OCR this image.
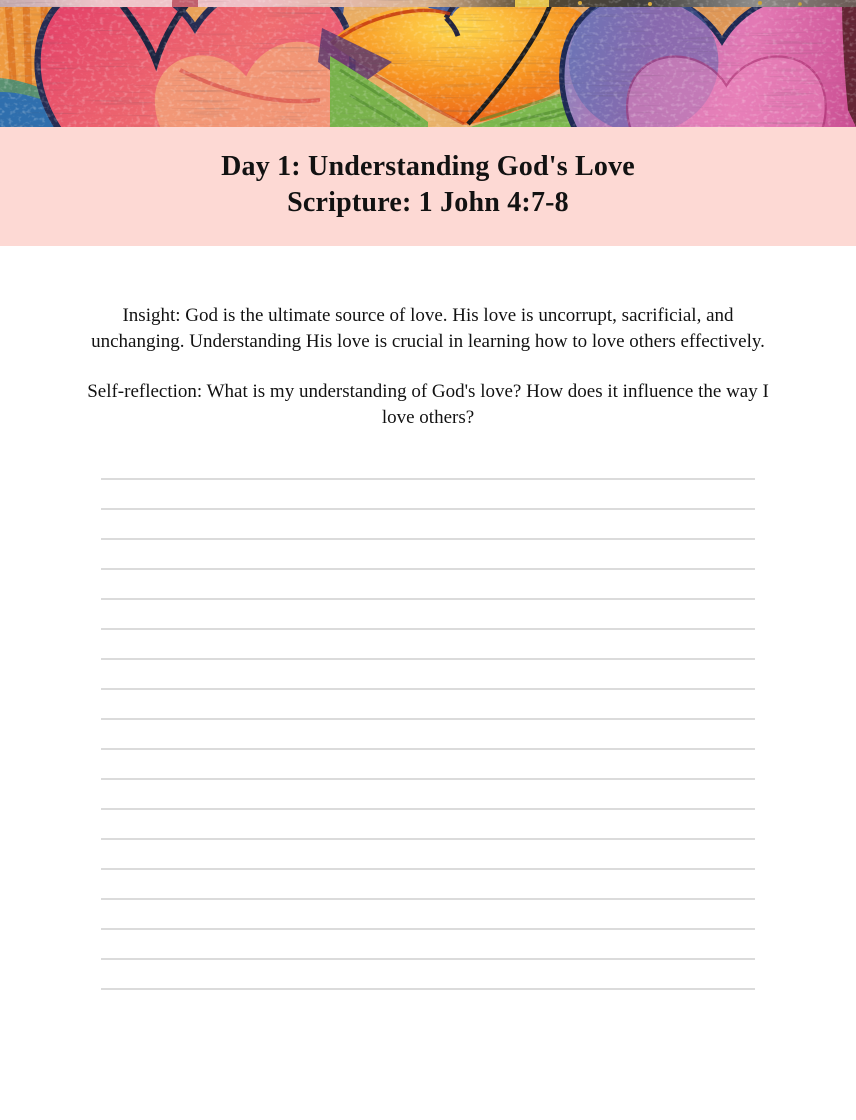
Day 1: Understanding God's Love
Scripture: 1 John 4:7-8

Insight: God is the ultimate source of love. His love is uncorrupt, sacrificial, and unchanging. Understanding His love is crucial in learning how to love others effectively.

Self-reflection: What is my understanding of God's love? How does it influence the way I love others?
